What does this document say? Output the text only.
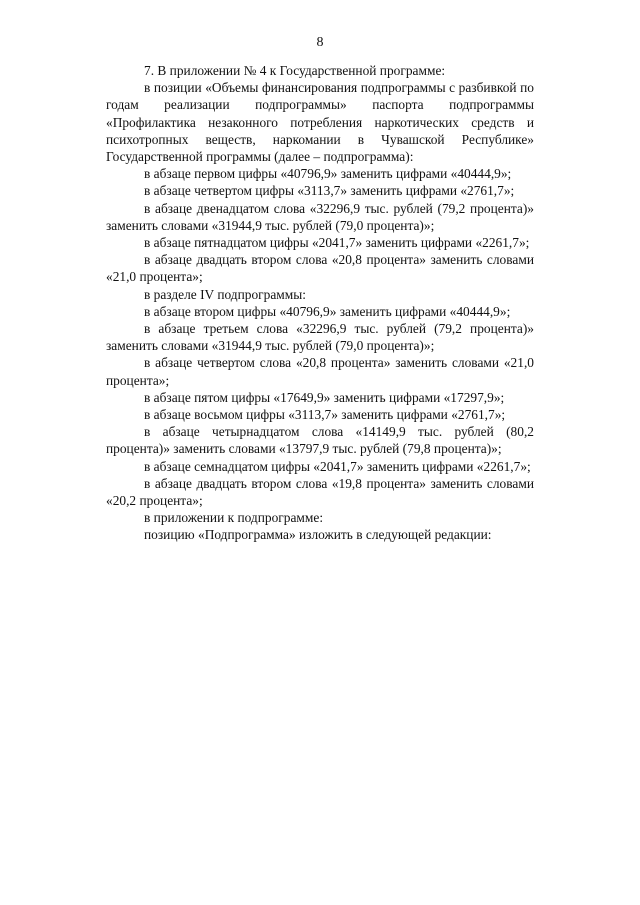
8

7. В приложении № 4 к Государственной программе:

в позиции «Объемы финансирования подпрограммы с разбивкой по годам реализации подпрограммы» паспорта подпрограммы «Профилактика незаконного потребления наркотических средств и психотропных веществ, наркомании в Чувашской Республике» Государственной программы (далее – подпрограмма):

в абзаце первом цифры «40796,9» заменить цифрами «40444,9»;

в абзаце четвертом цифры «3113,7» заменить цифрами «2761,7»;

в абзаце двенадцатом слова «32296,9 тыс. рублей (79,2 процента)» заменить словами «31944,9 тыс. рублей (79,0 процента)»;

в абзаце пятнадцатом цифры «2041,7» заменить цифрами «2261,7»;

в абзаце двадцать втором слова «20,8 процента» заменить словами «21,0 процента»;

в разделе IV подпрограммы:

в абзаце втором цифры «40796,9» заменить цифрами «40444,9»;

в абзаце третьем слова «32296,9 тыс. рублей (79,2 процента)» заменить словами «31944,9 тыс. рублей (79,0 процента)»;

в абзаце четвертом слова «20,8 процента» заменить словами «21,0 процента»;

в абзаце пятом цифры «17649,9» заменить цифрами «17297,9»;

в абзаце восьмом цифры «3113,7» заменить цифрами «2761,7»;

в абзаце четырнадцатом слова «14149,9 тыс. рублей (80,2 процента)» заменить словами «13797,9 тыс. рублей (79,8 процента)»;

в абзаце семнадцатом цифры «2041,7» заменить цифрами «2261,7»;

в абзаце двадцать втором слова «19,8 процента» заменить словами «20,2 процента»;

в приложении к подпрограмме:

позицию «Подпрограмма» изложить в следующей редакции:
